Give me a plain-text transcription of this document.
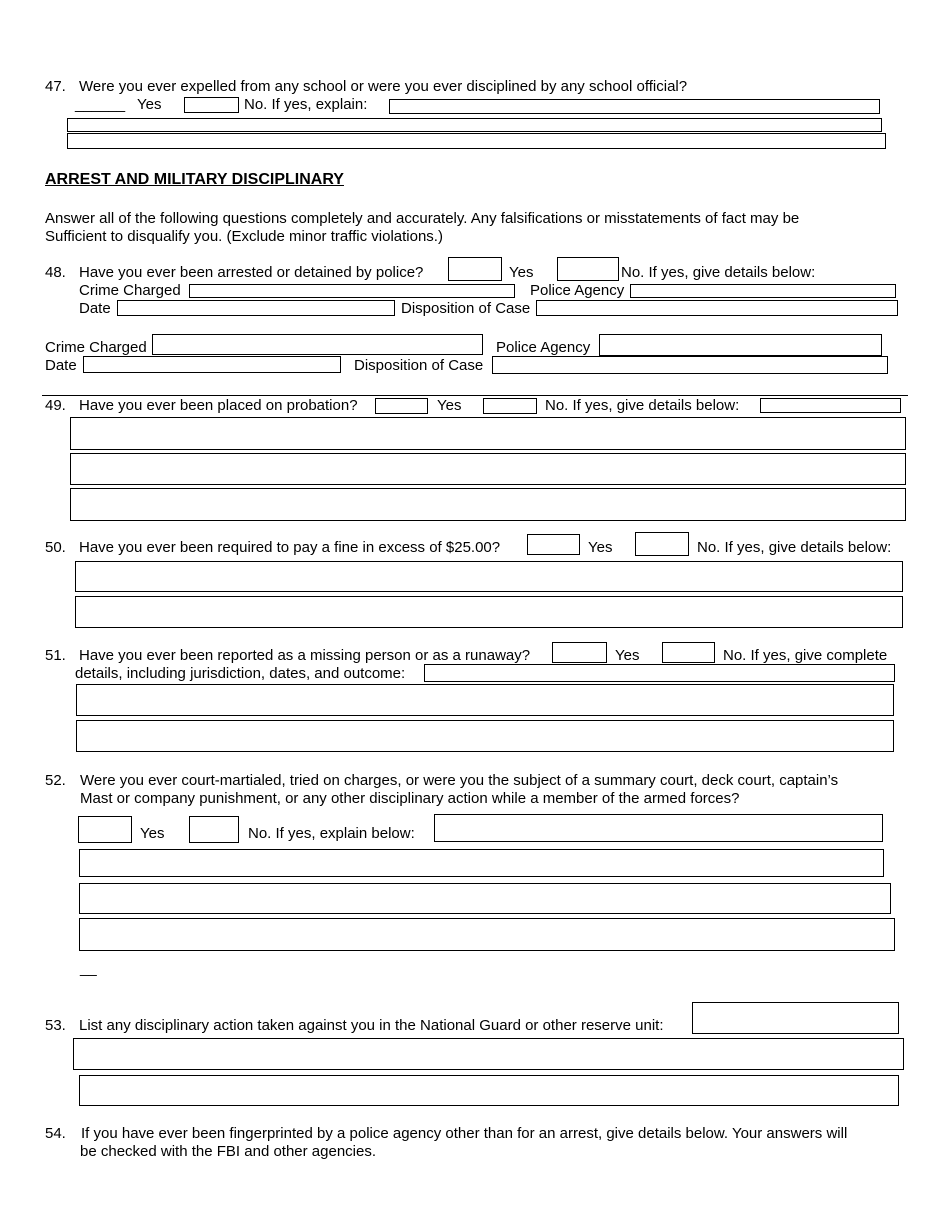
47. Were you ever expelled from any school or were you ever disciplined by any school official?
______ Yes	No. If yes, explain:
ARREST AND MILITARY DISCIPLINARY
Answer all of the following questions completely and accurately. Any falsifications or misstatements of fact may be
Sufficient to disqualify you. (Exclude minor traffic violations.)
48. Have you ever been arrested or detained by police?	Yes	No. If yes, give details below:
Crime Charged	Police Agency
Date	Disposition of Case
Crime Charged	Police Agency
Date	Disposition of Case
49. Have you ever been placed on probation?	Yes	No. If yes, give details below:
50. Have you ever been required to pay a fine in excess of $25.00?	Yes	No. If yes, give details below:
51. Have you ever been reported as a missing person or as a runaway?	Yes	No. If yes, give complete
details, including jurisdiction, dates, and outcome:
52. Were you ever court-martialed, tried on charges, or were you the subject of a summary court, deck court, captain’s
Mast or company punishment, or any other disciplinary action while a member of the armed forces?
Yes	No. If yes, explain below:
__
53. List any disciplinary action taken against you in the National Guard or other reserve unit:
54. If you have ever been fingerprinted by a police agency other than for an arrest, give details below. Your answers will
be checked with the FBI and other agencies.
